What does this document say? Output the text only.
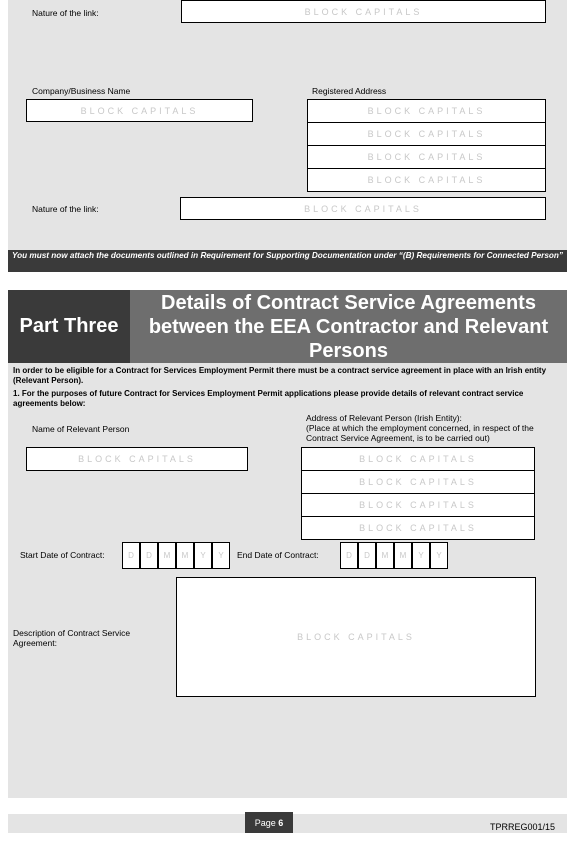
Nature of the link:	BLOCK CAPITALS
Company/Business Name	Registered Address
BLOCK CAPITALS	BLOCK CAPITALS
BLOCK CAPITALS
BLOCK CAPITALS
BLOCK CAPITALS
Nature of the link:	BLOCK CAPITALS
You must now attach the documents outlined in Requirement for Supporting Documentation under “(B) Requirements for Connected Person”
Part Three
Details of Contract Service Agreements between the EEA Contractor and Relevant Persons
In order to be eligible for a Contract for Services Employment Permit there must be a contract service agreement in place with an Irish entity (Relevant Person).
1. For the purposes of future Contract for Services Employment Permit applications please provide details of relevant contract service agreements below:
Name of Relevant Person
Address of Relevant Person (Irish Entity):
(Place at which the employment concerned, in respect of the Contract Service Agreement, is to be carried out)
BLOCK CAPITALS	BLOCK CAPITALS
BLOCK CAPITALS
BLOCK CAPITALS
BLOCK CAPITALS
Start Date of Contract:	D	D	M	M	Y	Y	End Date of Contract:	D	D	M	M	Y	Y
Description of Contract Service Agreement:
BLOCK CAPITALS
Page
6	TPRREG001/15
